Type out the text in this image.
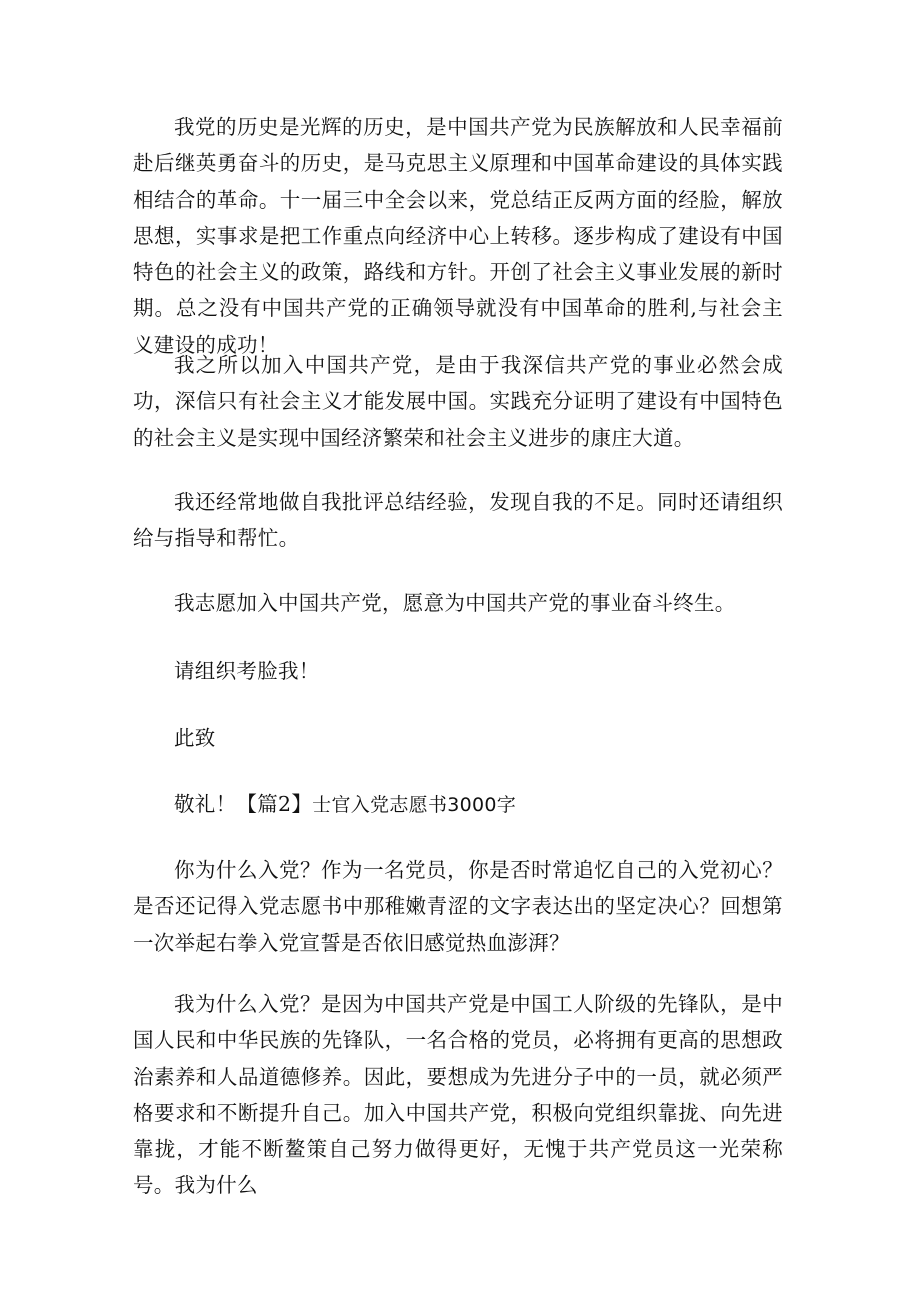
我党的历史是光辉的历史，是中国共产党为民族解放和人民幸福前赴后继英勇奋斗的历史，是马克思主义原理和中国革命建设的具体实践相结合的革命。十一届三中全会以来，党总结正反两方面的经脸，解放思想，实事求是把工作重点向经济中心上转移。逐步构成了建设有中国特色的社会主义的政策，路线和方针。开创了社会主义事业发展的新时期。总之没有中国共产党的正确领导就没有中国革命的胜利,与社会主义建设的成功！

我之所以加入中国共产党，是由于我深信共产党的事业必然会成功，深信只有社会主义才能发展中国。实践充分证明了建设有中国特色的社会主义是实现中国经济繁荣和社会主义进步的康庄大道。

我还经常地做自我批评总结经验，发现自我的不足。同时还请组织给与指导和帮忙。

我志愿加入中国共产党，愿意为中国共产党的事业奋斗终生。

请组织考脸我！

此致

敬礼！【篇2】士官入党志愿书3000字

你为什么入党？作为一名党员，你是否时常追忆自己的入党初心？是否还记得入党志愿书中那稚嫩青涩的文字表达出的坚定决心？回想第一次举起右拳入党宣誓是否依旧感觉热血澎湃？

我为什么入党？是因为中国共产党是中国工人阶级的先锋队，是中国人民和中华民族的先锋队，一名合格的党员，必将拥有更高的思想政治素养和人品道德修养。因此，要想成为先进分子中的一员，就必须严格要求和不断提升自己。加入中国共产党，积极向党组织靠拢、向先进靠拢，才能不断鳌策自己努力做得更好，无愧于共产党员这一光荣称号。我为什么
